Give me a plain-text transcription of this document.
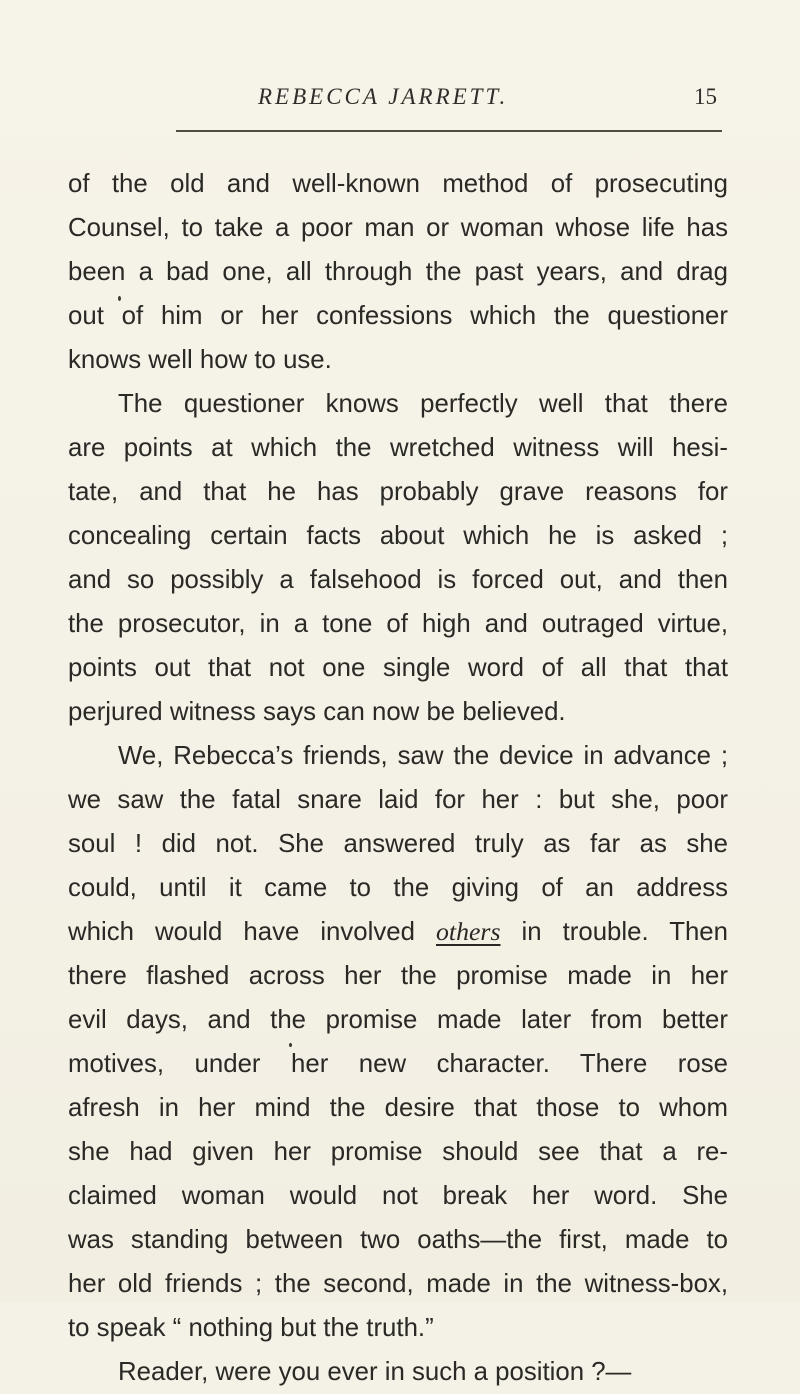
REBECCA JARRETT.	15
of the old and well-known method of prosecuting
Counsel, to take a poor man or woman whose life has
been a bad one, all through the past years, and drag
out of him or her confessions which the questioner
knows well how to use.
The questioner knows perfectly well that there
are points at which the wretched witness will hesi-
tate, and that he has probably grave reasons for
concealing certain facts about which he is asked ;
and so possibly a falsehood is forced out, and then
the prosecutor, in a tone of high and outraged virtue,
points out that not one single word of all that that
perjured witness says can now be believed.
We, Rebecca’s friends, saw the device in advance ;
we saw the fatal snare laid for her : but she, poor
soul ! did not. She answered truly as far as she
could, until it came to the giving of an address
which would have involved others in trouble. Then
there flashed across her the promise made in her
evil days, and the promise made later from better
motives, under her new character. There rose
afresh in her mind the desire that those to whom
she had given her promise should see that a re-
claimed woman would not break her word. She
was standing between two oaths—the first, made to
her old friends ; the second, made in the witness-box,
to speak “ nothing but the truth.”
Reader, were you ever in such a position ?—
